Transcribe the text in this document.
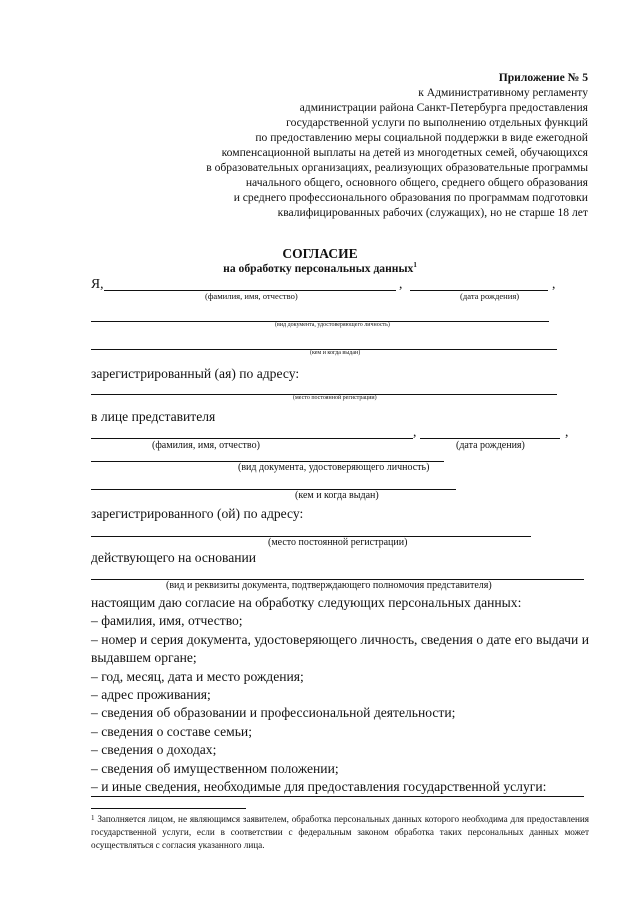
Приложение № 5
к Административному регламенту
администрации района Санкт-Петербурга предоставления
государственной услуги по выполнению отдельных функций
по предоставлению меры социальной поддержки в виде ежегодной
компенсационной выплаты на детей из многодетных семей, обучающихся
в образовательных организациях, реализующих образовательные программы
начального общего, основного общего, среднего общего образования
и среднего профессионального образования по программам подготовки
квалифицированных рабочих (служащих), но не старше 18 лет
СОГЛАСИЕ
на обработку персональных данных$^1$
Я,	,	,
(фамилия, имя, отчество)	(дата рождения)
(вид документа, удостоверяющего личность)
(кем и когда выдан)
зарегистрированный (ая) по адресу:
(место постоянной регистрации)
в лице представителя
,	,
(фамилия, имя, отчество)	(дата рождения)
(вид документа, удостоверяющего личность)
(кем и когда выдан)
зарегистрированного (ой) по адресу:
(место постоянной регистрации)
действующего на основании
(вид и реквизиты документа, подтверждающего полномочия представителя)
настоящим даю согласие на обработку следующих персональных данных:
– фамилия, имя, отчество;
– номер и серия документа, удостоверяющего личность, сведения о дате его выдачи и выдавшем органе;
– год, месяц, дата и место рождения;
– адрес проживания;
– сведения об образовании и профессиональной деятельности;
– сведения о составе семьи;
– сведения о доходах;
– сведения об имущественном положении;
– и иные сведения, необходимые для предоставления государственной услуги:
$^1$ Заполняется лицом, не являющимся заявителем, обработка персональных данных которого необходима для предоставления государственной услуги, если в соответствии с федеральным законом обработка таких персональных данных может осуществляться с согласия указанного лица.
